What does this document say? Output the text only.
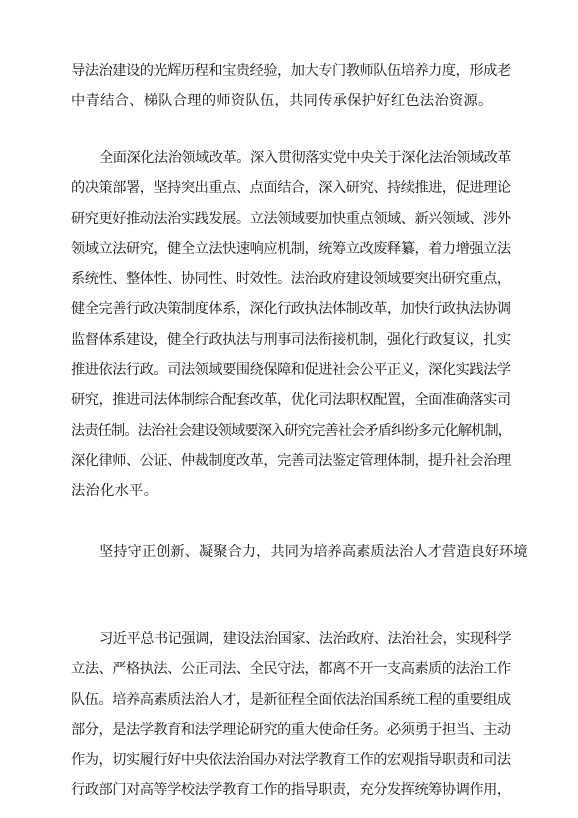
导法治建设的光辉历程和宝贵经验，加大专门教师队伍培养力度，形成老
中青结合、梯队合理的师资队伍，共同传承保护好红色法治资源。
全面深化法治领域改革。深入贯彻落实党中央关于深化法治领域改革
的决策部署，坚持突出重点、点面结合，深入研究、持续推进，促进理论
研究更好推动法治实践发展。立法领域要加快重点领域、新兴领域、涉外
领域立法研究，健全立法快速响应机制，统筹立改废释纂，着力增强立法
系统性、整体性、协同性、时效性。法治政府建设领域要突出研究重点，
健全完善行政决策制度体系，深化行政执法体制改革，加快行政执法协调
监督体系建设，健全行政执法与刑事司法衔接机制，强化行政复议，扎实
推进依法行政。司法领域要围绕保障和促进社会公平正义，深化实践法学
研究，推进司法体制综合配套改革，优化司法职权配置，全面准确落实司
法责任制。法治社会建设领域要深入研究完善社会矛盾纠纷多元化解机制，
深化律师、公证、仲裁制度改革，完善司法鉴定管理体制，提升社会治理
法治化水平。
坚持守正创新、凝聚合力，共同为培养高素质法治人才营造良好环境
习近平总书记强调，建设法治国家、法治政府、法治社会，实现科学
立法、严格执法、公正司法、全民守法，都离不开一支高素质的法治工作
队伍。培养高素质法治人才，是新征程全面依法治国系统工程的重要组成
部分，是法学教育和法学理论研究的重大使命任务。必须勇于担当、主动
作为，切实履行好中央依法治国办对法学教育工作的宏观指导职责和司法
行政部门对高等学校法学教育工作的指导职责，充分发挥统筹协调作用，
